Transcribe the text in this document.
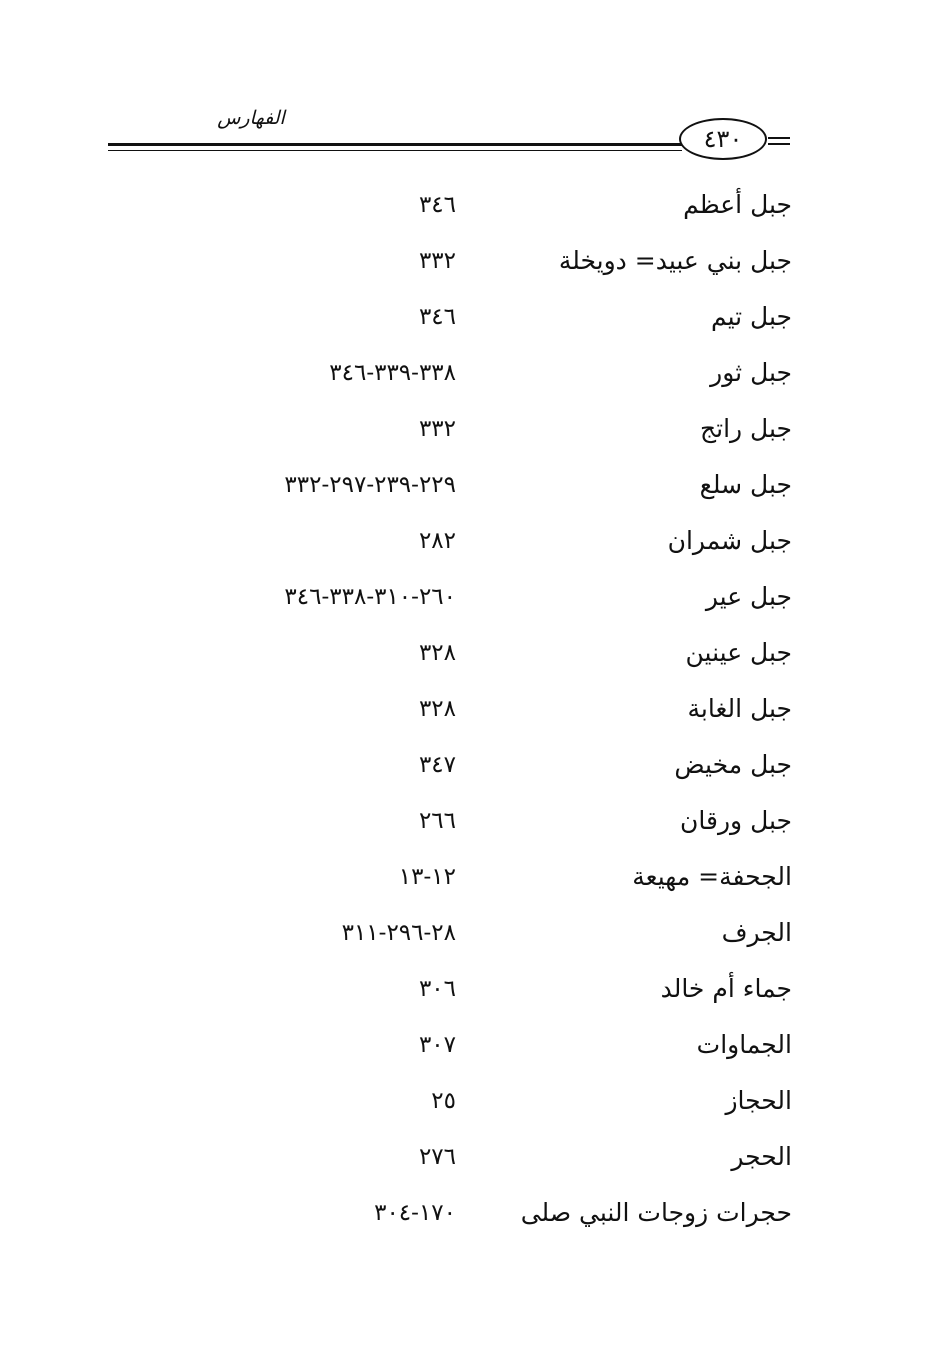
الفهارس
٤٣٠
جبل أعظم
٣٤٦
جبل بني عبيد= دويخلة
٣٣٢
جبل تيم
٣٤٦
جبل ثور
٣٣٨-٣٣٩-٣٤٦
جبل راتج
٣٣٢
جبل سلع
٢٢٩-٢٣٩-٢٩٧-٣٣٢
جبل شمران
٢٨٢
جبل عير
٢٦٠-٣١٠-٣٣٨-٣٤٦
جبل عينين
٣٢٨
جبل الغابة
٣٢٨
جبل مخيض
٣٤٧
جبل ورقان
٢٦٦
الجحفة= مهيعة
١٢-١٣
الجرف
٢٨-٢٩٦-٣١١
جماء أم خالد
٣٠٦
الجماوات
٣٠٧
الحجاز
٢٥
الحجر
٢٧٦
حجرات زوجات النبي صلى
١٧٠-٣٠٤
